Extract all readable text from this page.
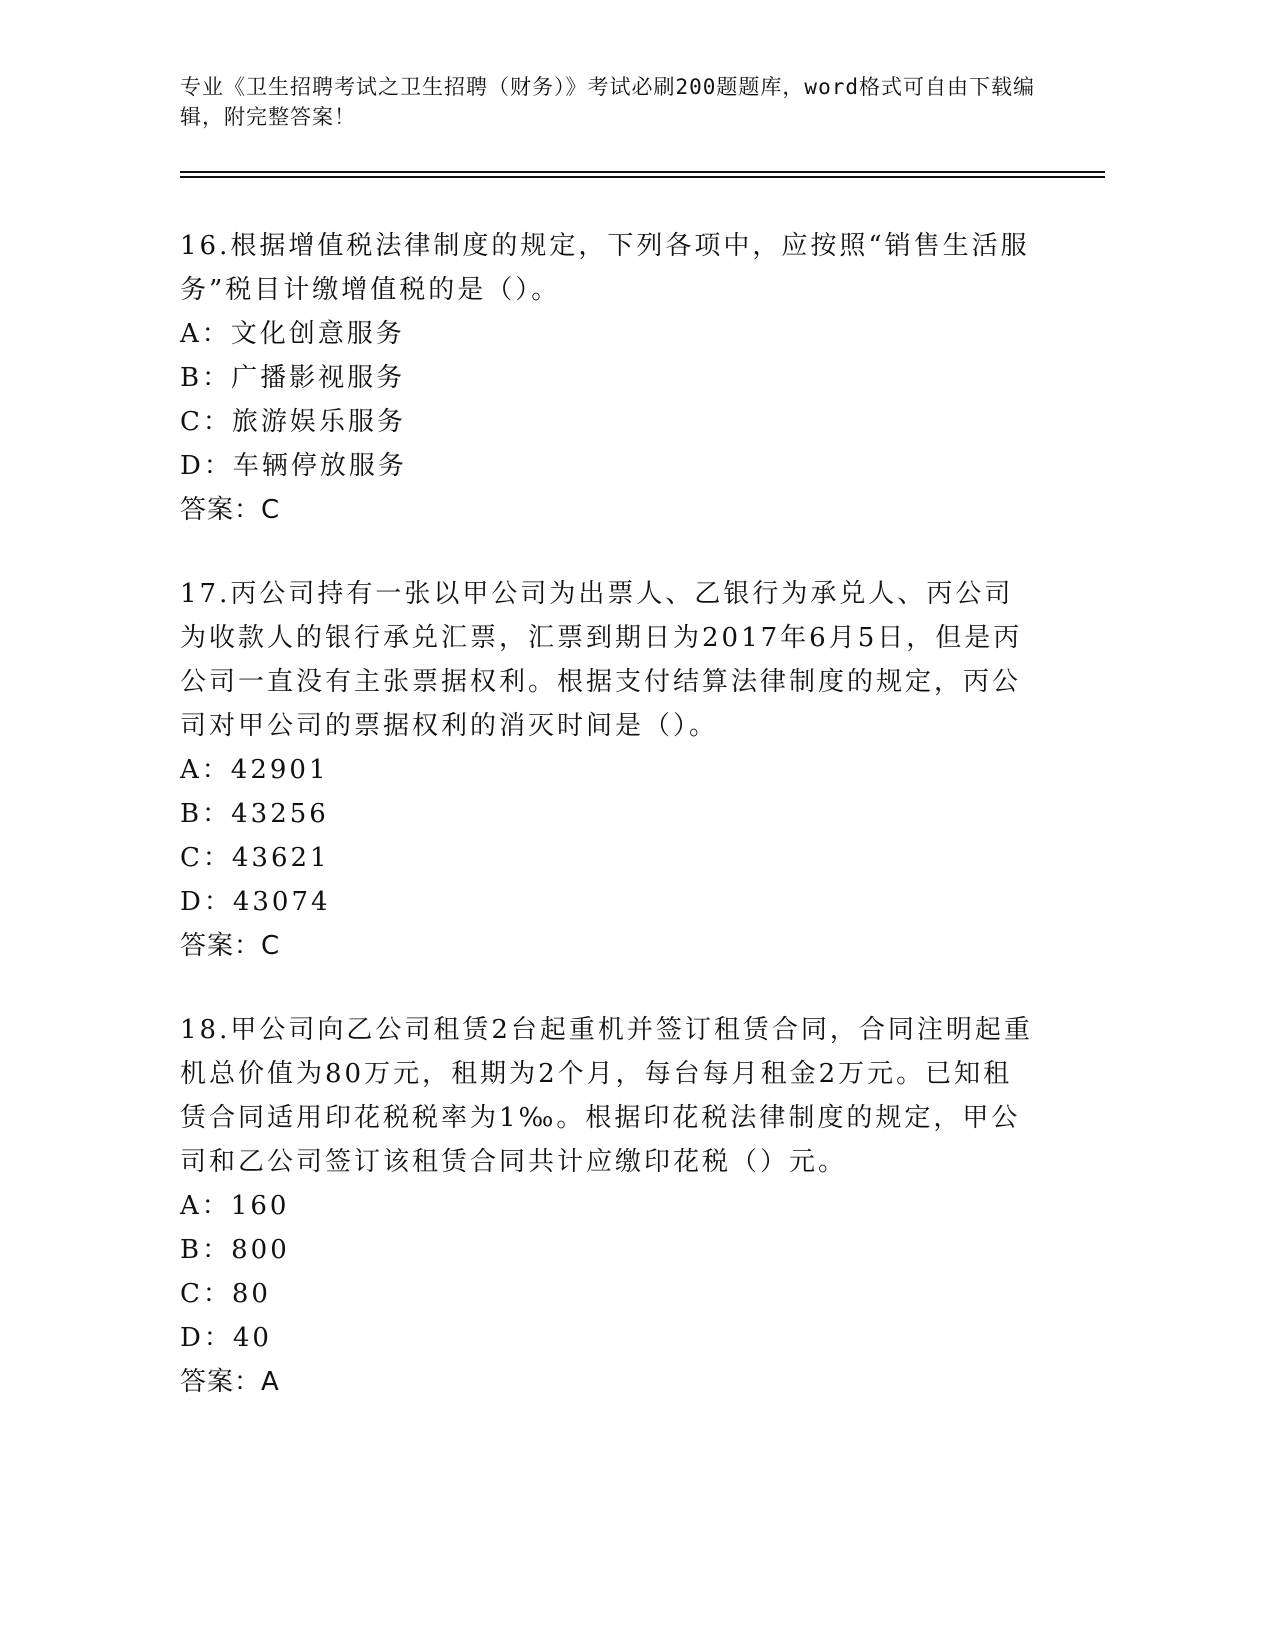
专业《卫生招聘考试之卫生招聘（财务）》考试必刷200题题库，word格式可自由下载编辑，附完整答案！
16.根据增值税法律制度的规定，下列各项中，应按照“销售生活服务”税目计缴增值税的是（）。
A：文化创意服务
B：广播影视服务
C：旅游娱乐服务
D：车辆停放服务
答案：C
17.丙公司持有一张以甲公司为出票人、乙银行为承兑人、丙公司为收款人的银行承兑汇票，汇票到期日为2017年6月5日，但是丙公司一直没有主张票据权利。根据支付结算法律制度的规定，丙公司对甲公司的票据权利的消灭时间是（）。
A：42901
B：43256
C：43621
D：43074
答案：C
18.甲公司向乙公司租赁2台起重机并签订租赁合同，合同注明起重机总价值为80万元，租期为2个月，每台每月租金2万元。已知租赁合同适用印花税税率为1‰。根据印花税法律制度的规定，甲公司和乙公司签订该租赁合同共计应缴印花税（）元。
A：160
B：800
C：80
D：40
答案：A
